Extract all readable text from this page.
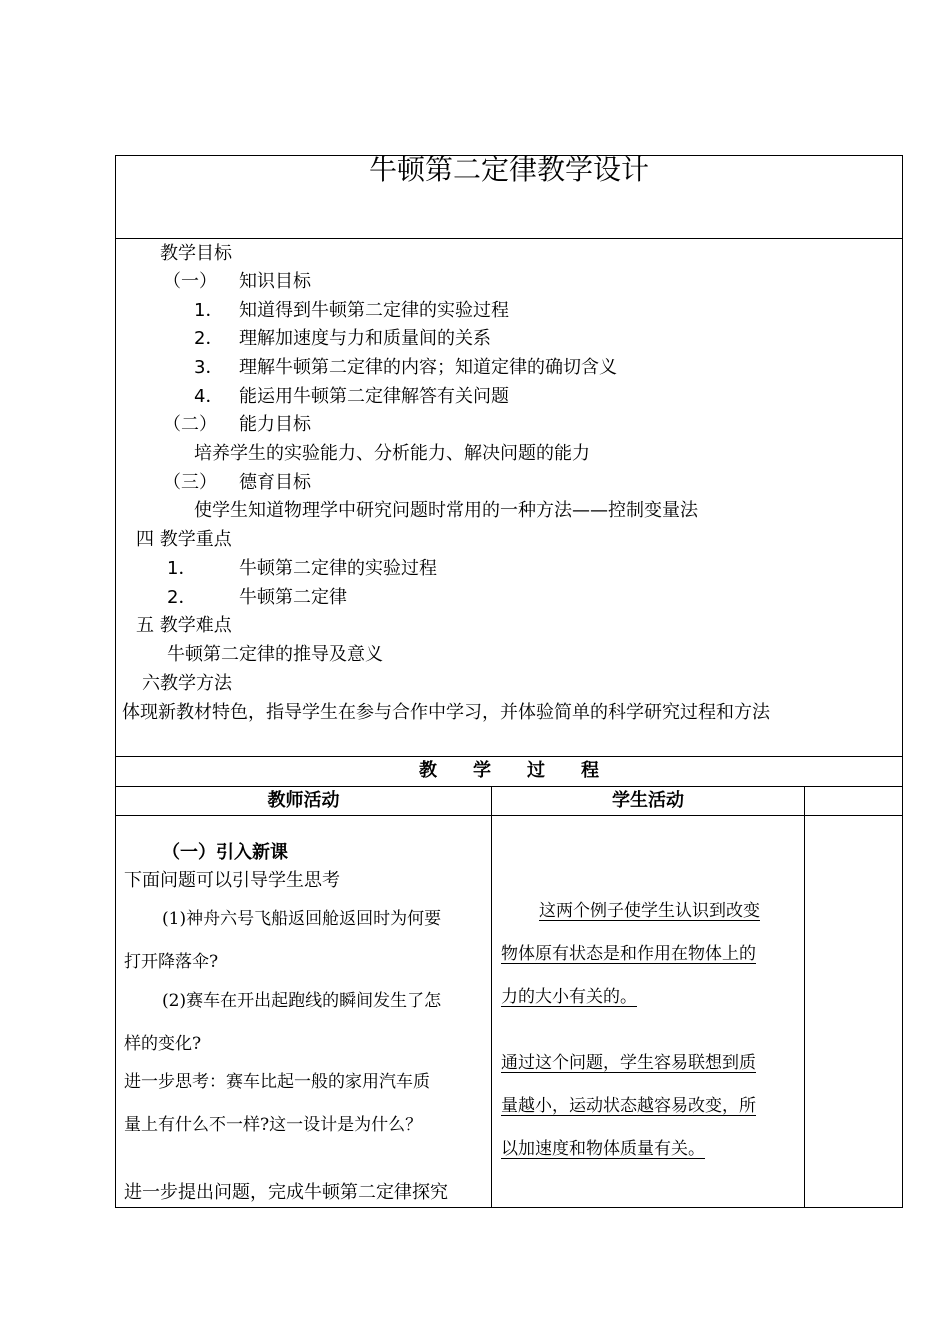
牛顿第二定律教学设计
教学目标
（一） 知识目标
1． 知道得到牛顿第二定律的实验过程
2． 理解加速度与力和质量间的关系
3． 理解牛顿第二定律的内容；知道定律的确切含义
4． 能运用牛顿第二定律解答有关问题
（二） 能力目标
培养学生的实验能力、分析能力、解决问题的能力
（三） 德育目标
使学生知道物理学中研究问题时常用的一种方法——控制变量法
四 教学重点
1． 牛顿第二定律的实验过程
2． 牛顿第二定律
五 教学难点
牛顿第二定律的推导及意义
六教学方法
体现新教材特色，指导学生在参与合作中学习，并体验简单的科学研究过程和方法
教　　学　　过　　程
教师活动	学生活动
（一）引入新课
下面问题可以引导学生思考
(1)神舟六号飞船返回舱返回时为何要
打开降落伞?
(2)赛车在开出起跑线的瞬间发生了怎
样的变化?
进一步思考：赛车比起一般的家用汽车质
量上有什么不一样?这一设计是为什么？
进一步提出问题，完成牛顿第二定律探究
这两个例子使学生认识到改变
物体原有状态是和作用在物体上的
力的大小有关的。
通过这个问题，学生容易联想到质
量越小，运动状态越容易改变，所
以加速度和物体质量有关。
